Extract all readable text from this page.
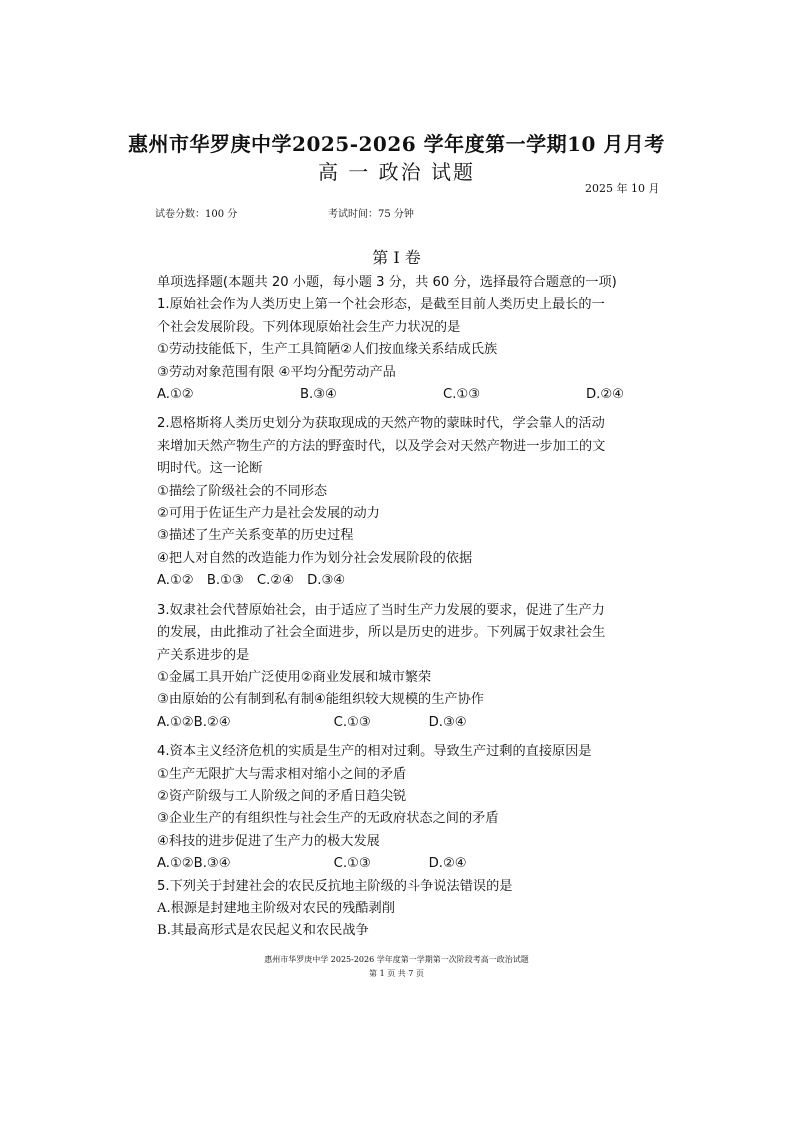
惠州市华罗庚中学2025-2026 学年度第一学期10 月月考
高 一 政治 试题
2025 年 10 月
试卷分数：100 分	考试时间：75 分钟
第 I 卷
单项选择题(本题共 20 小题，每小题 3 分，共 60 分，选择最符合题意的一项)
1.原始社会作为人类历史上第一个社会形态，是截至目前人类历史上最长的一
个社会发展阶段。下列体现原始社会生产力状况的是
①劳动技能低下，生产工具简陋②人们按血缘关系结成氏族
③劳动对象范围有限 ④平均分配劳动产品
A.①②	B.③④	C.①③	D.②④
2.恩格斯将人类历史划分为获取现成的天然产物的蒙昧时代，学会靠人的活动
来增加天然产物生产的方法的野蛮时代，以及学会对天然产物进一步加工的文
明时代。这一论断
①描绘了阶级社会的不同形态
②可用于佐证生产力是社会发展的动力
③描述了生产关系变革的历史过程
④把人对自然的改造能力作为划分社会发展阶段的依据
A.①②　B.①③　C.②④　D.③④
3.奴隶社会代替原始社会，由于适应了当时生产力发展的要求，促进了生产力
的发展，由此推动了社会全面进步，所以是历史的进步。下列属于奴隶社会生
产关系进步的是
①金属工具开始广泛使用②商业发展和城市繁荣
③由原始的公有制到私有制④能组织较大规模的生产协作
A.①② B.②④	C.①③	D.③④
4.资本主义经济危机的实质是生产的相对过剩。导致生产过剩的直接原因是
①生产无限扩大与需求相对缩小之间的矛盾
②资产阶级与工人阶级之间的矛盾日趋尖锐
③企业生产的有组织性与社会生产的无政府状态之间的矛盾
④科技的进步促进了生产力的极大发展
A.①② B.③④	C.①③	D.②④
5.下列关于封建社会的农民反抗地主阶级的斗争说法错误的是
A.根源是封建地主阶级对农民的残酷剥削
B.其最高形式是农民起义和农民战争
惠州市华罗庚中学 2025-2026 学年度第一学期第一次阶段考高一政治试题
第 1 页 共 7 页
